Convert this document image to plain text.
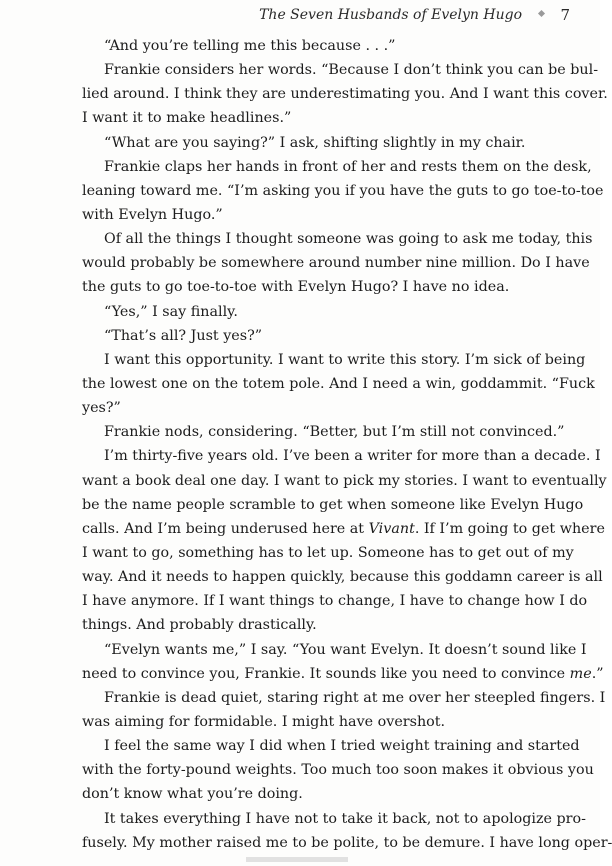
The Seven Husbands of Evelyn Hugo	7
“And you’re telling me this because . . .”
Frankie considers her words. “Because I don’t think you can be bul-
lied around. I think they are underestimating you. And I want this cover.
I want it to make headlines.”
“What are you saying?” I ask, shifting slightly in my chair.
Frankie claps her hands in front of her and rests them on the desk,
leaning toward me. “I’m asking you if you have the guts to go toe-to-toe
with Evelyn Hugo.”
Of all the things I thought someone was going to ask me today, this
would probably be somewhere around number nine million. Do I have
the guts to go toe-to-toe with Evelyn Hugo? I have no idea.
“Yes,” I say finally.
“That’s all? Just yes?”
I want this opportunity. I want to write this story. I’m sick of being
the lowest one on the totem pole. And I need a win, goddammit. “Fuck
yes?”
Frankie nods, considering. “Better, but I’m still not convinced.”
I’m thirty-five years old. I’ve been a writer for more than a decade. I
want a book deal one day. I want to pick my stories. I want to eventually
be the name people scramble to get when someone like Evelyn Hugo
calls. And I’m being underused here at Vivant. If I’m going to get where
I want to go, something has to let up. Someone has to get out of my
way. And it needs to happen quickly, because this goddamn career is all
I have anymore. If I want things to change, I have to change how I do
things. And probably drastically.
“Evelyn wants me,” I say. “You want Evelyn. It doesn’t sound like I
need to convince you, Frankie. It sounds like you need to convince me.”
Frankie is dead quiet, staring right at me over her steepled fingers. I
was aiming for formidable. I might have overshot.
I feel the same way I did when I tried weight training and started
with the forty-pound weights. Too much too soon makes it obvious you
don’t know what you’re doing.
It takes everything I have not to take it back, not to apologize pro-
fusely. My mother raised me to be polite, to be demure. I have long oper-
